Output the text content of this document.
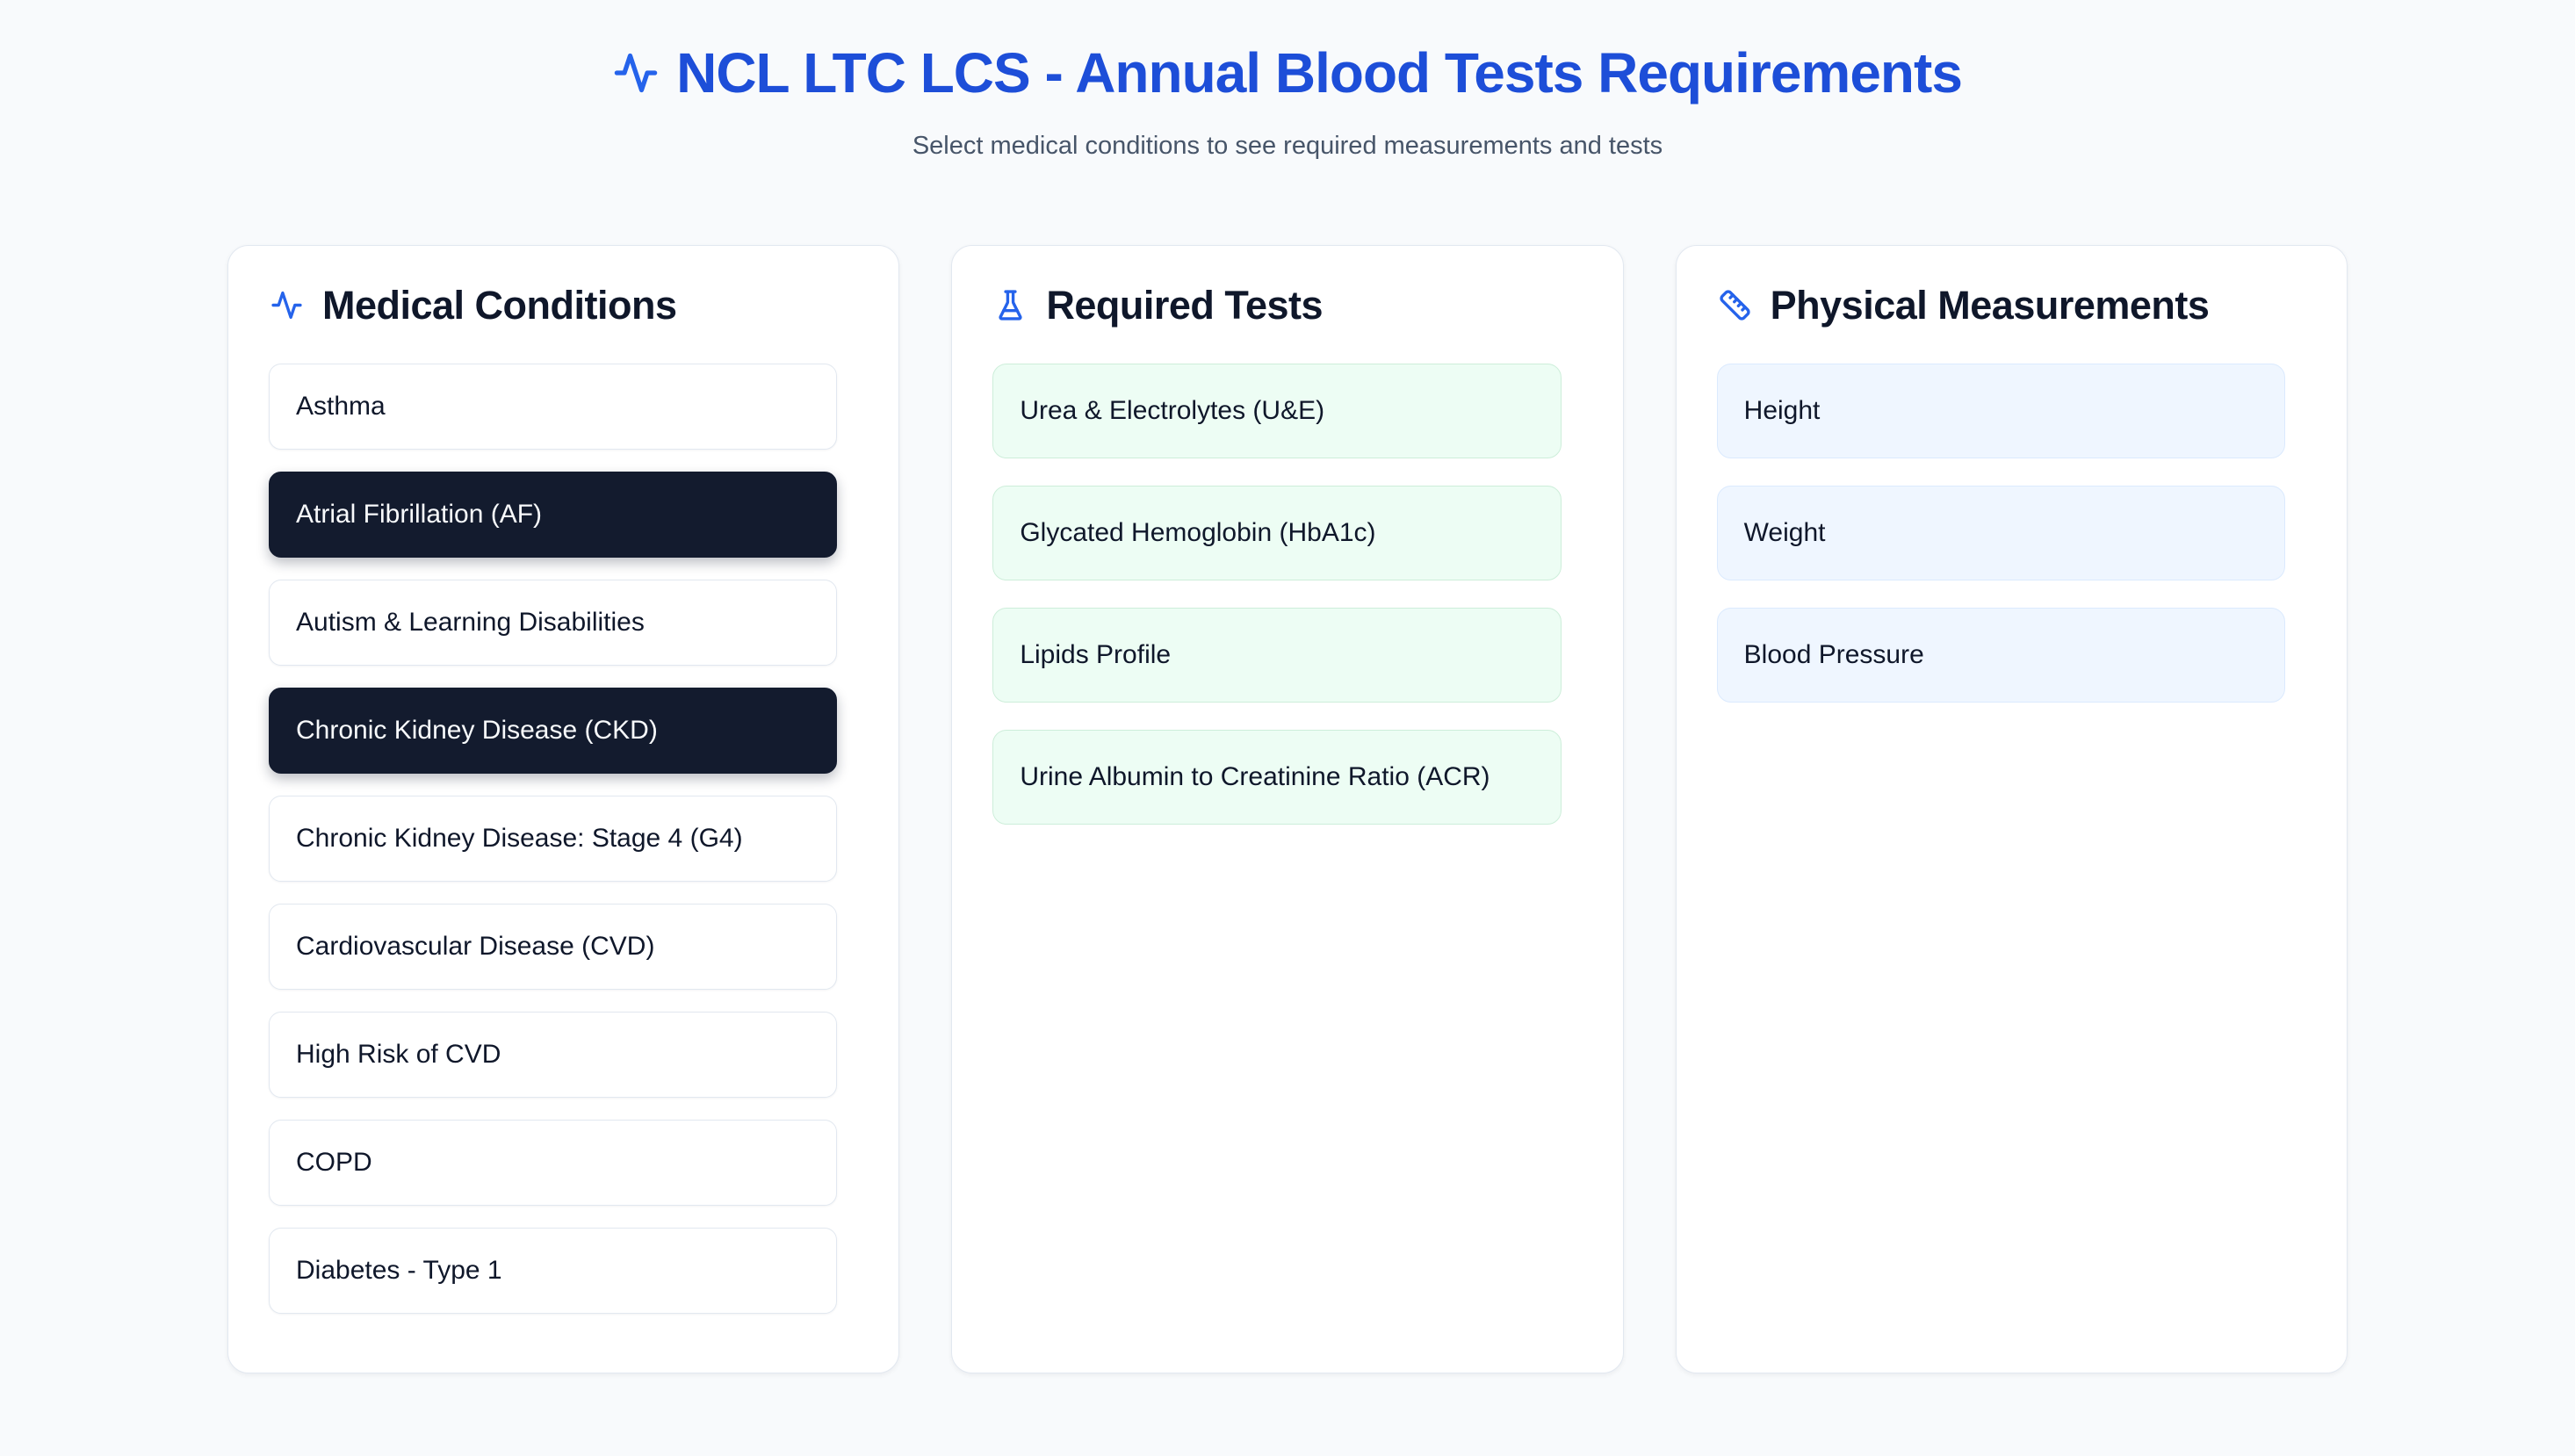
NCL LTC LCS - Annual Blood Tests Requirements
Select medical conditions to see required measurements and tests
Medical Conditions
Asthma
Atrial Fibrillation (AF)
Autism & Learning Disabilities
Chronic Kidney Disease (CKD)
Chronic Kidney Disease: Stage 4 (G4)
Cardiovascular Disease (CVD)
High Risk of CVD
COPD
Diabetes - Type 1
Required Tests
Urea & Electrolytes (U&E)
Glycated Hemoglobin (HbA1c)
Lipids Profile
Urine Albumin to Creatinine Ratio (ACR)
Physical Measurements
Height
Weight
Blood Pressure
